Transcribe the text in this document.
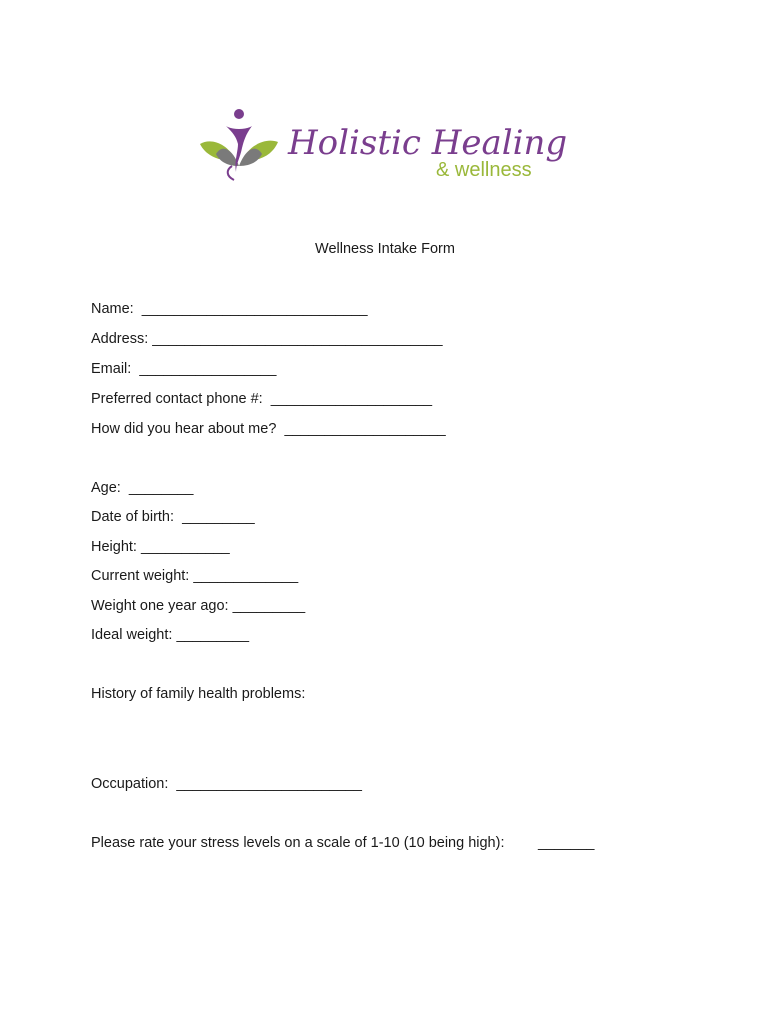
Holistic Healing
& wellness
Wellness Intake Form
Name:  ____________________________
Address: ____________________________________
Email:  _________________
Preferred contact phone #:  ____________________
How did you hear about me?  ____________________
Age:  ________
Date of birth:  _________
Height: ___________
Current weight: _____________
Weight one year ago: _________
Ideal weight: _________
History of family health problems:
Occupation:  _______________________
Please rate your stress levels on a scale of 1-10 (10 being high): _______
